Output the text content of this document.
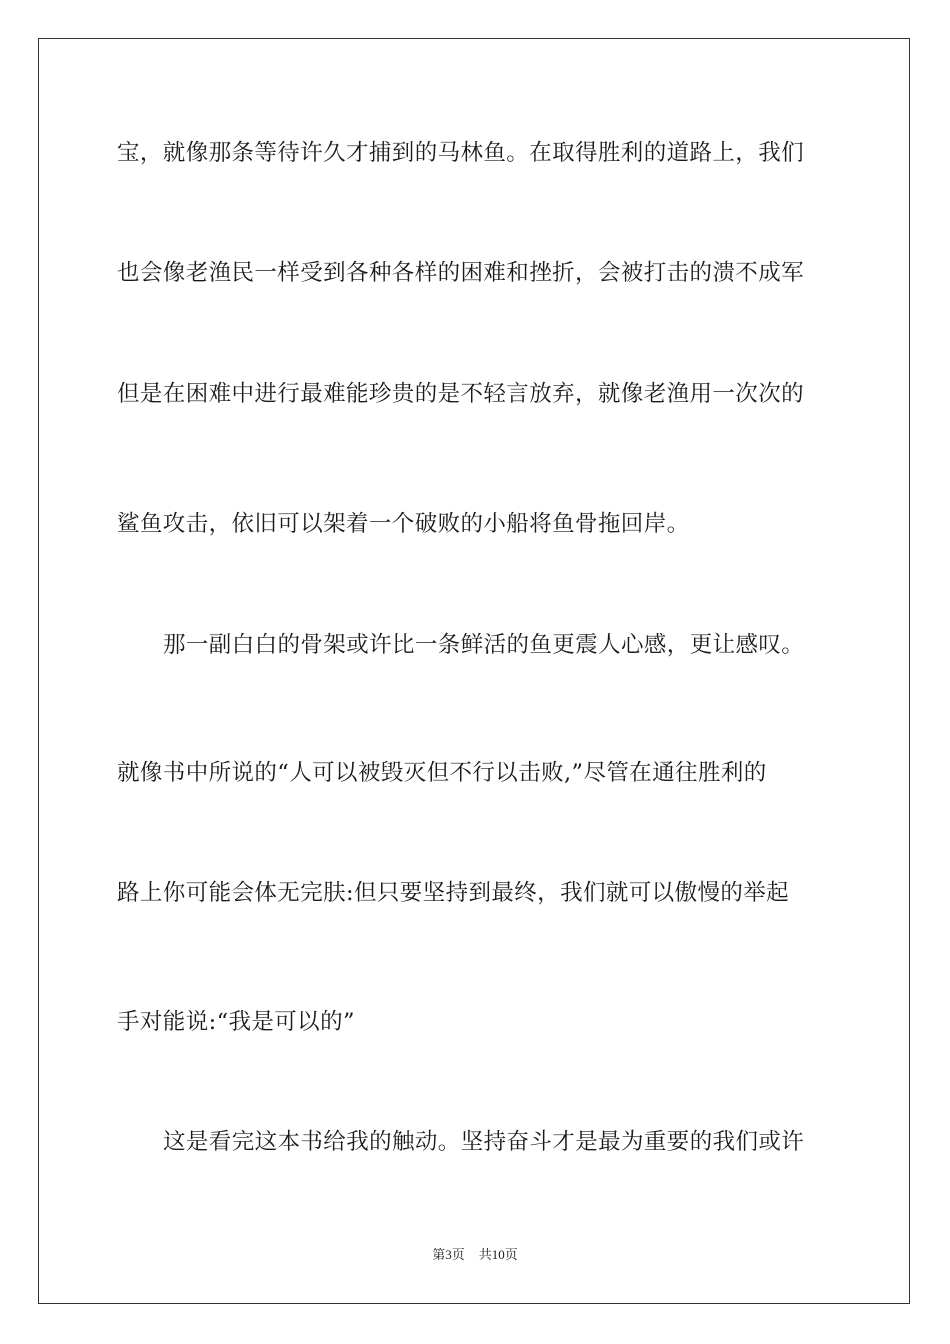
宝，就像那条等待许久才捕到的马林鱼。在取得胜利的道路上，我们
也会像老渔民一样受到各种各样的困难和挫折，会被打击的溃不成军
但是在困难中进行最难能珍贵的是不轻言放弃，就像老渔用一次次的
鲨鱼攻击，依旧可以架着一个破败的小船将鱼骨拖回岸。
那一副白白的骨架或许比一条鲜活的鱼更震人心感，更让感叹。
就像书中所说的“人可以被毁灭但不行以击败,”尽管在通往胜利的
路上你可能会体无完肤:但只要坚持到最终，我们就可以傲慢的举起
手对能说:“我是可以的”
这是看完这本书给我的触动。坚持奋斗才是最为重要的我们或许
第3页 共10页
